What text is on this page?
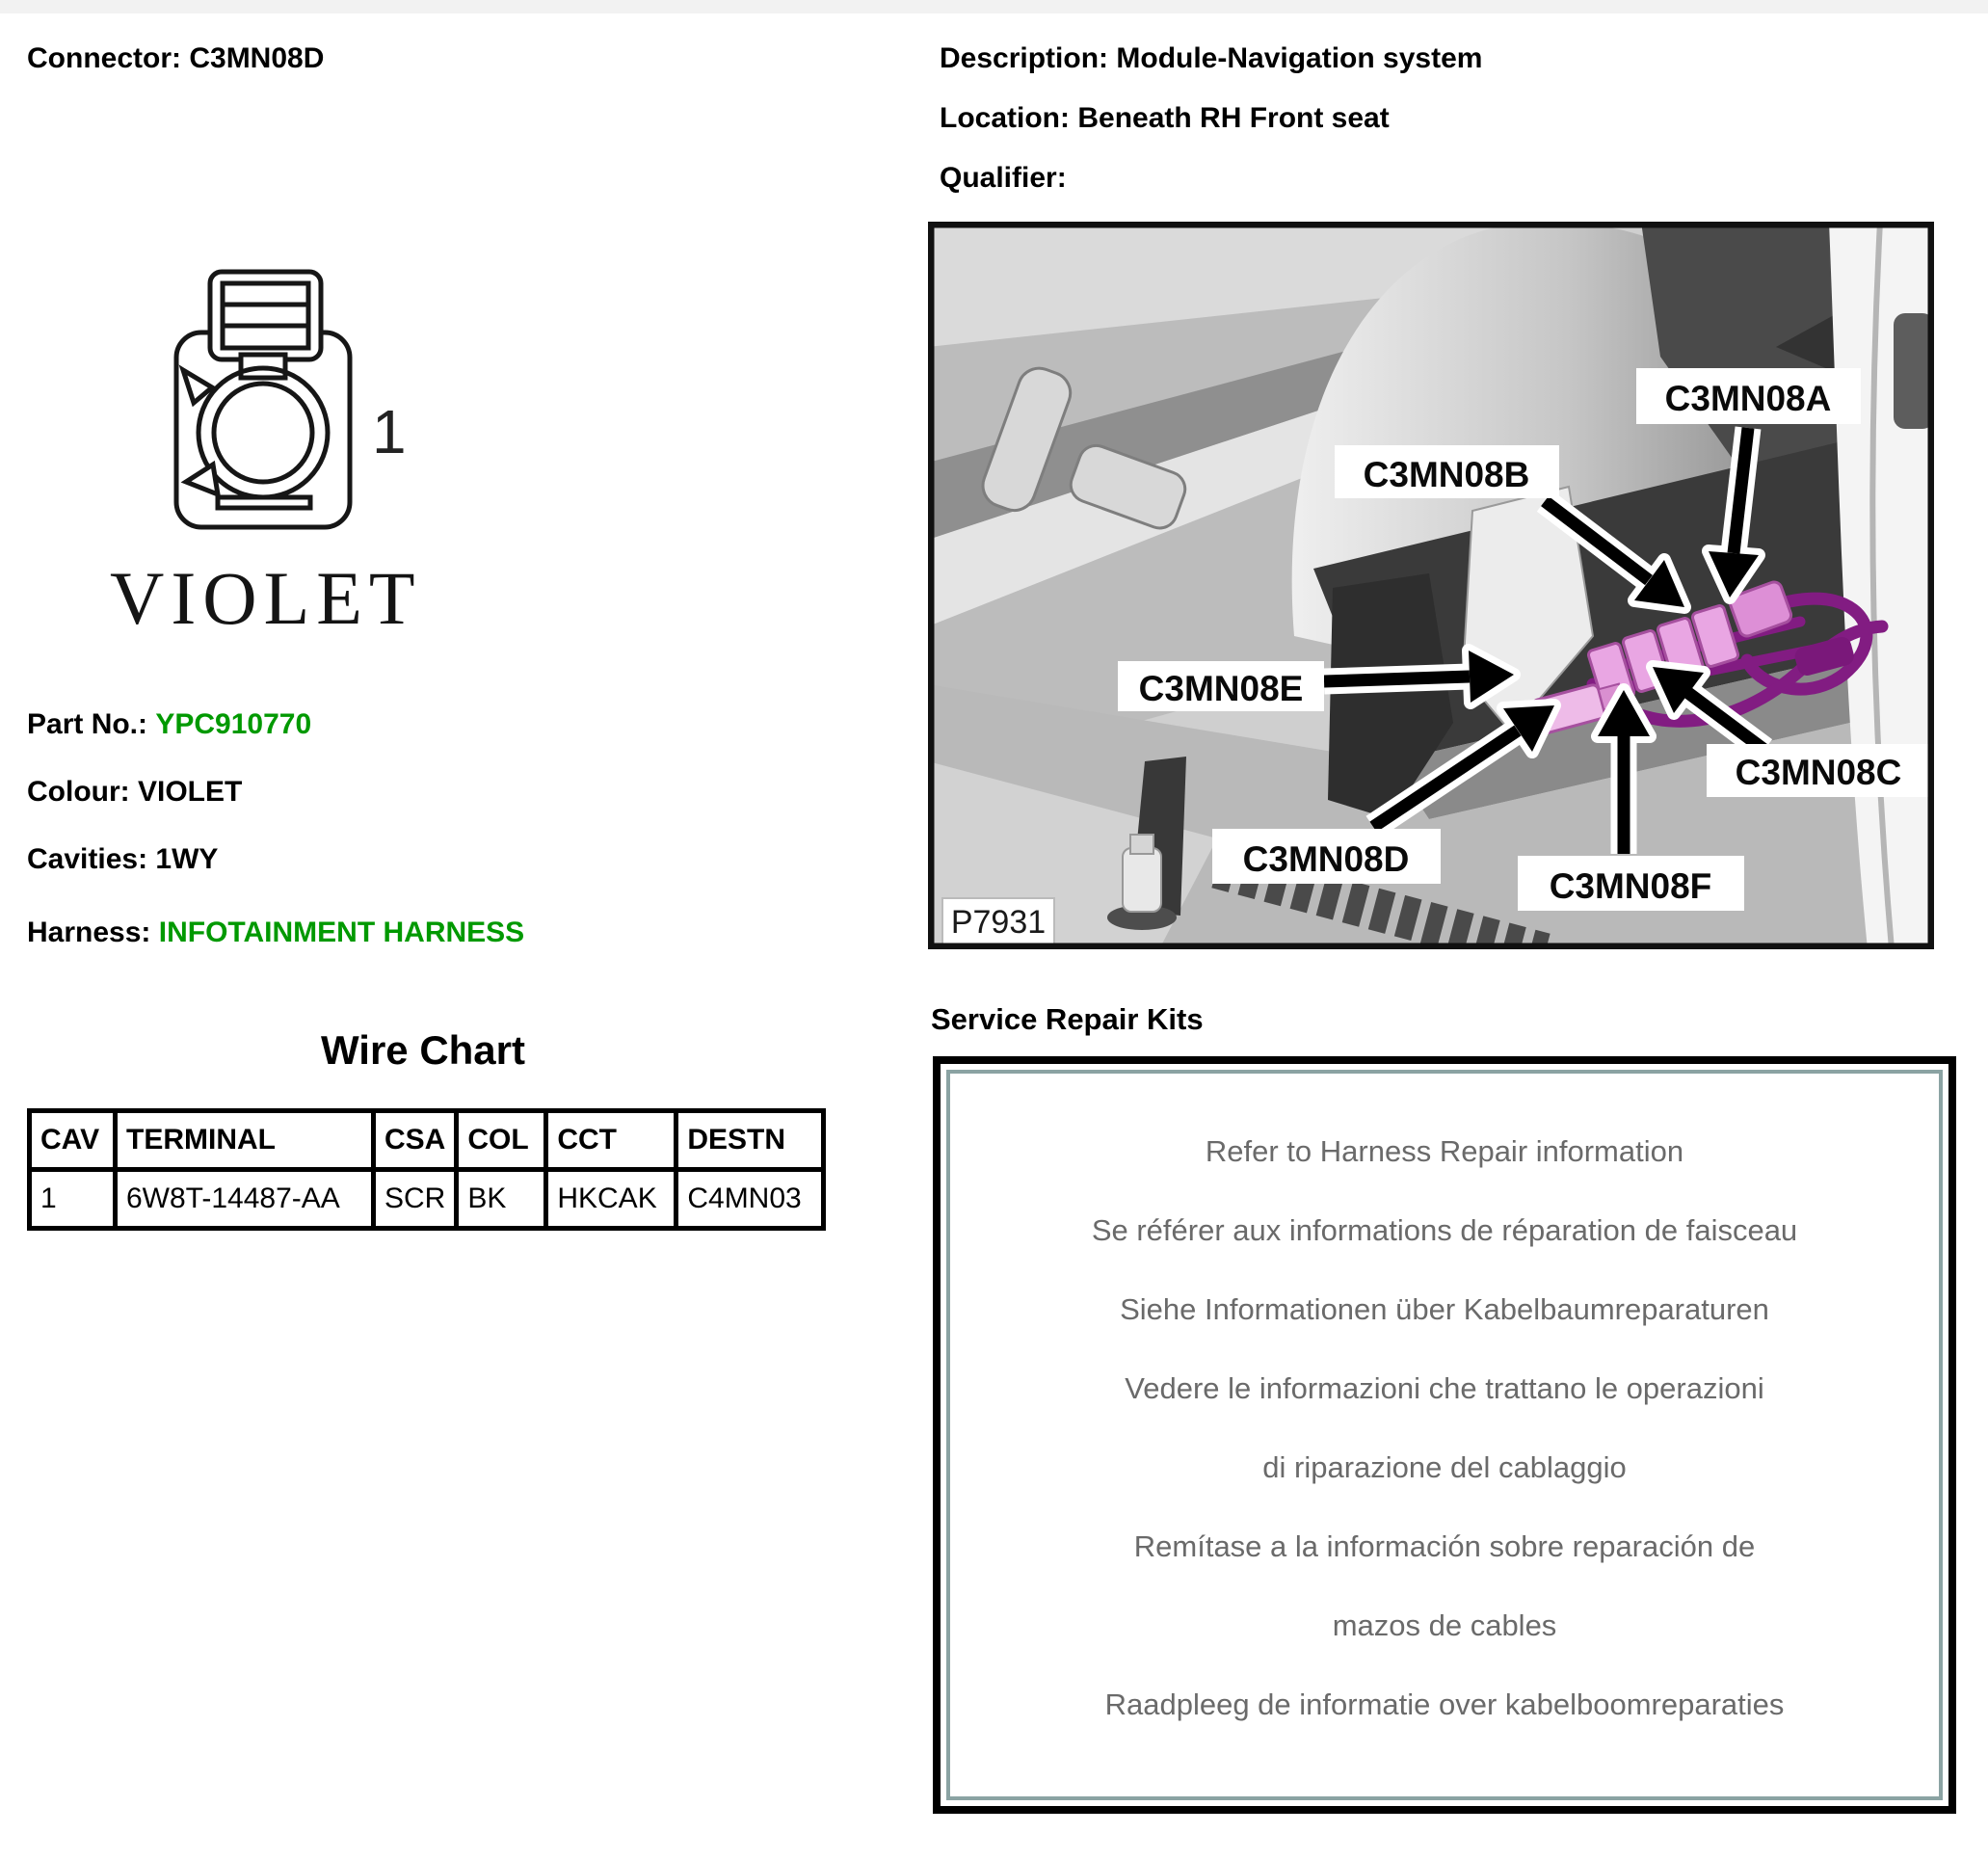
Connector: C3MN08D	Description: Module-Navigation system
Location: Beneath RH Front seat
Qualifier:
1
VIOLET
Part No.: YPC910770
Colour: VIOLET
Cavities: 1WY
Harness: INFOTAINMENT HARNESS
Wire Chart
CAV	TERMINAL	CSA	COL	CCT	DESTN
1	6W8T-14487-AA	SCR	BK	HKCAK	C4MN03
C3MN08A
C3MN08B
C3MN08E
C3MN08C
C3MN08D
C3MN08F
P7931
Service Repair Kits
Refer to Harness Repair information
Se référer aux informations de réparation de faisceau
Siehe Informationen über Kabelbaumreparaturen
Vedere le informazioni che trattano le operazioni
di riparazione del cablaggio
Remítase a la información sobre reparación de
mazos de cables
Raadpleeg de informatie over kabelboomreparaties
